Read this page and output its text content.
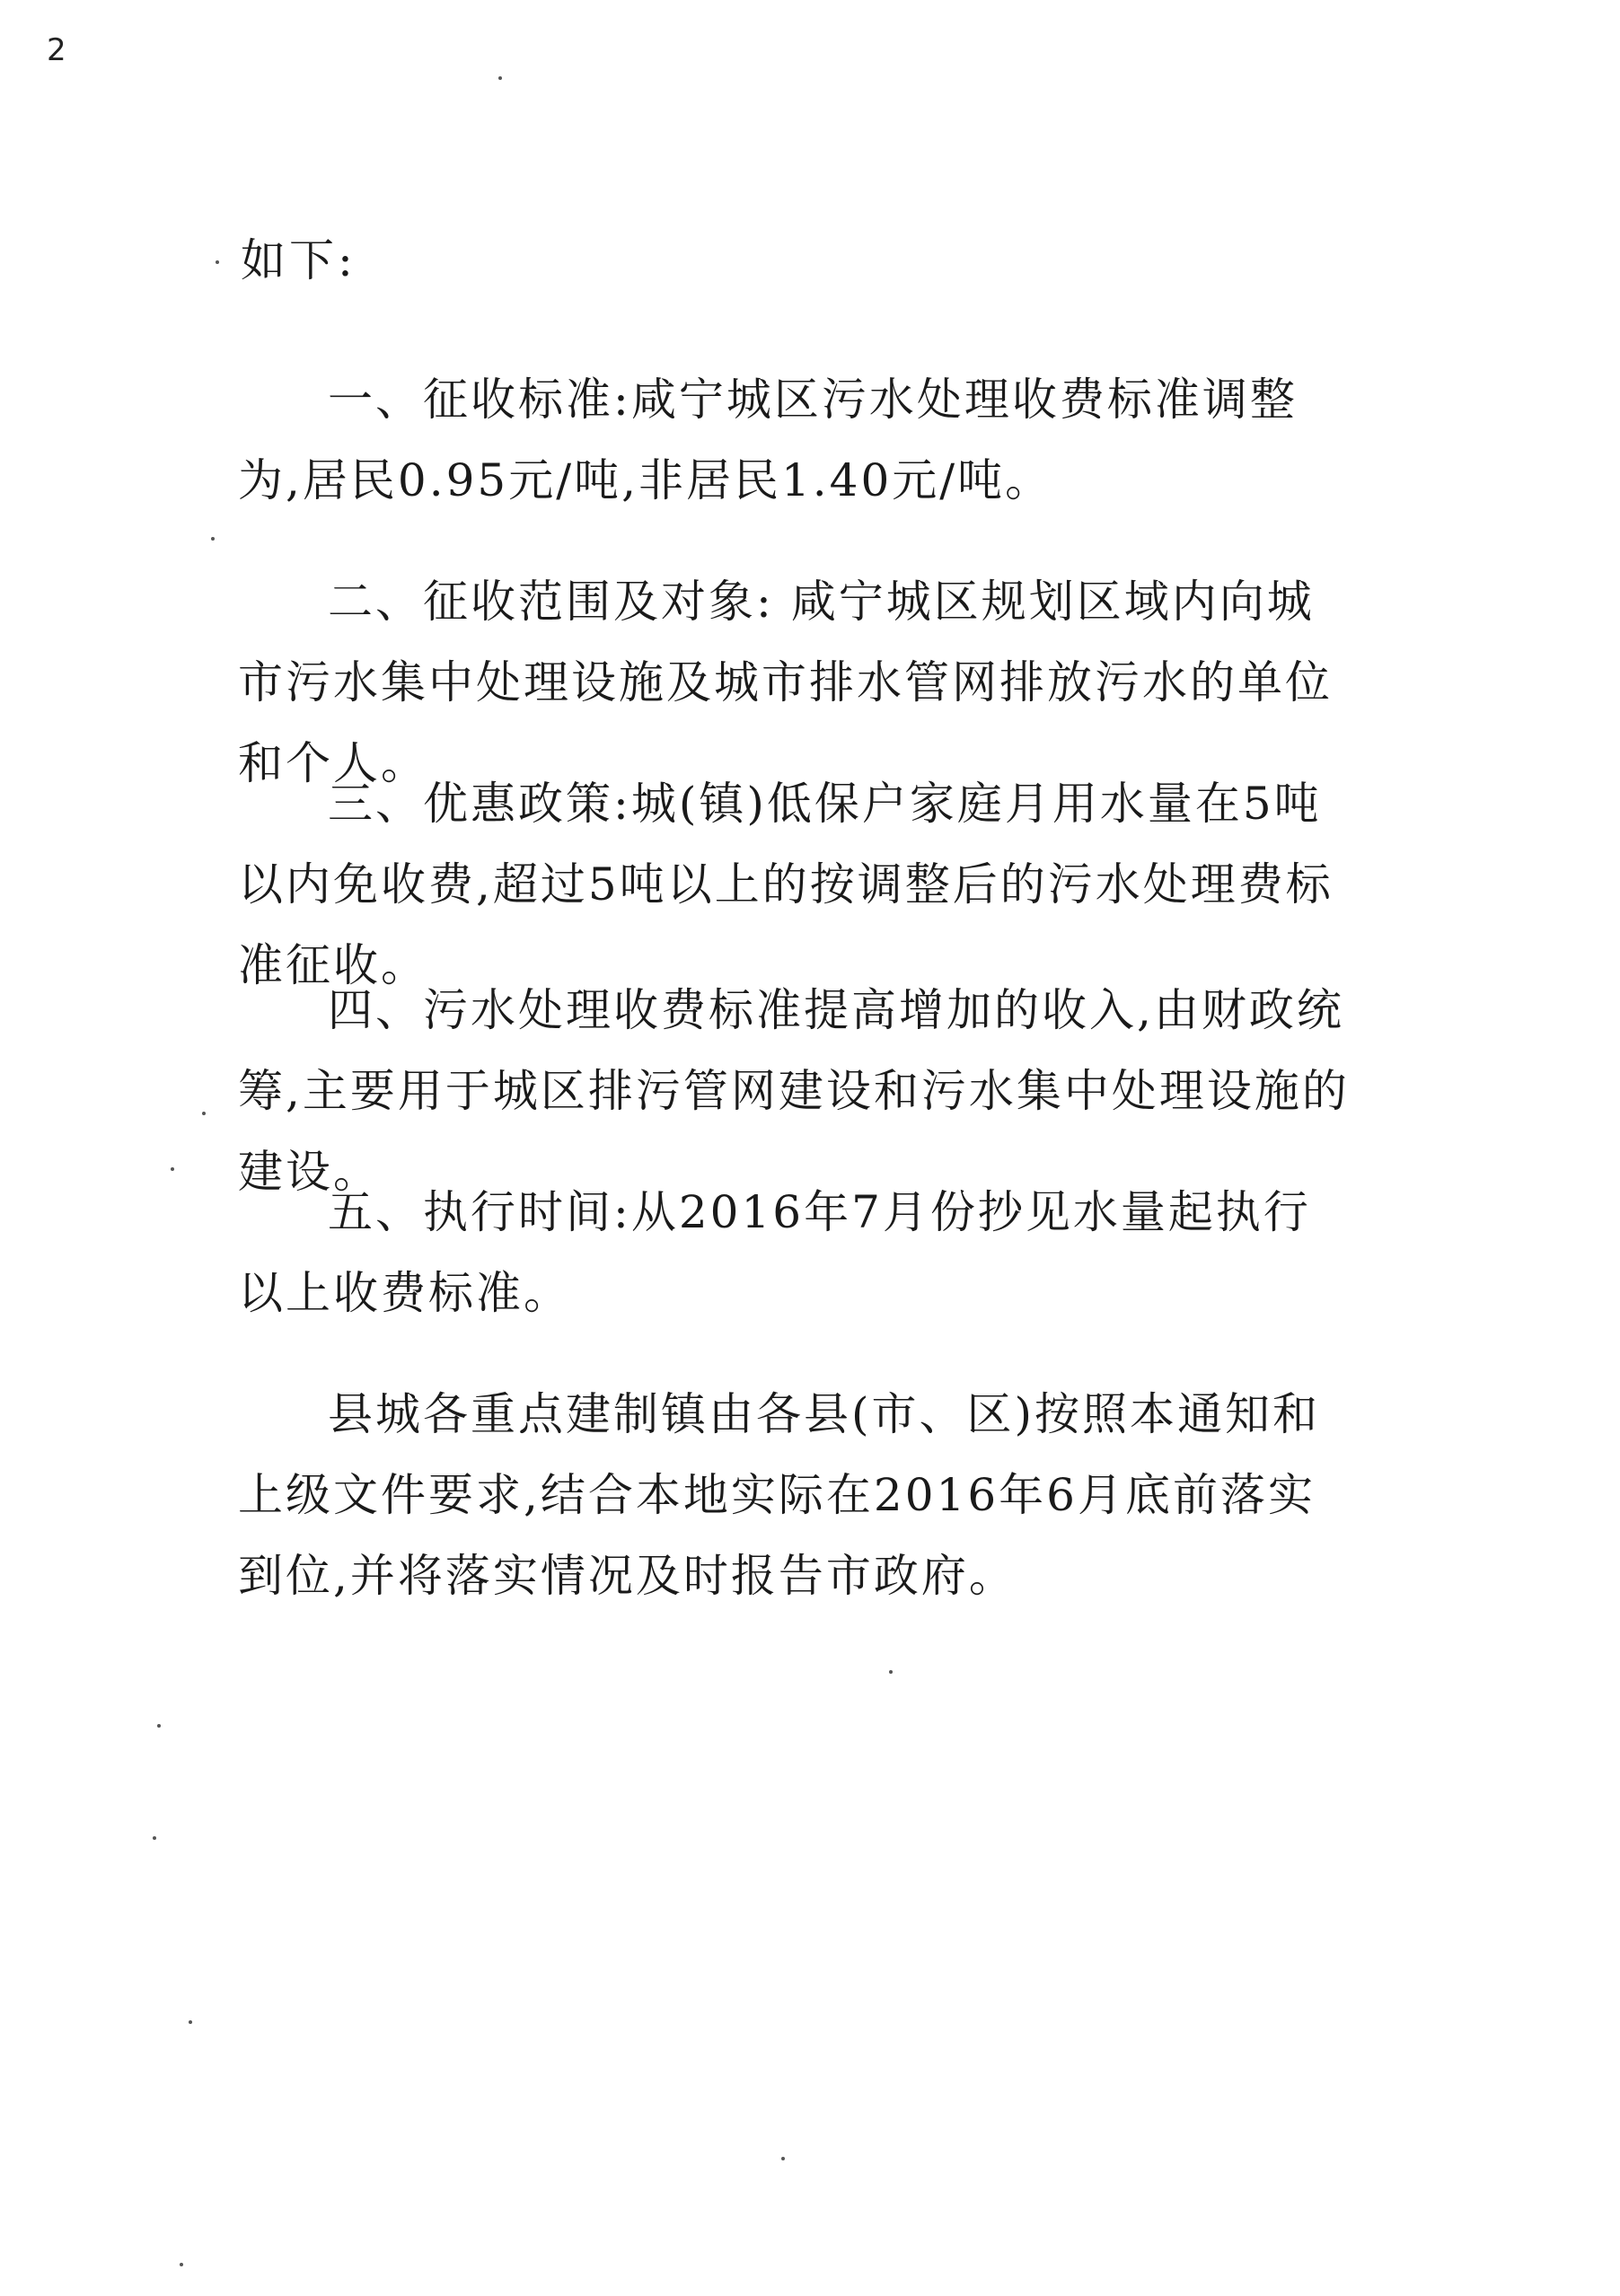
2
如下:

一、征收标准:咸宁城区污水处理收费标准调整为,居民0.95元/吨,非居民1.40元/吨。

二、征收范围及对象: 咸宁城区规划区域内向城市污水集中处理设施及城市排水管网排放污水的单位和个人。

三、优惠政策:城(镇)低保户家庭月用水量在5吨以内免收费,超过5吨以上的按调整后的污水处理费标准征收。

四、污水处理收费标准提高增加的收入,由财政统筹,主要用于城区排污管网建设和污水集中处理设施的建设。

五、执行时间:从2016年7月份抄见水量起执行以上收费标准。

县城各重点建制镇由各县(市、区)按照本通知和上级文件要求,结合本地实际在2016年6月底前落实到位,并将落实情况及时报告市政府。
